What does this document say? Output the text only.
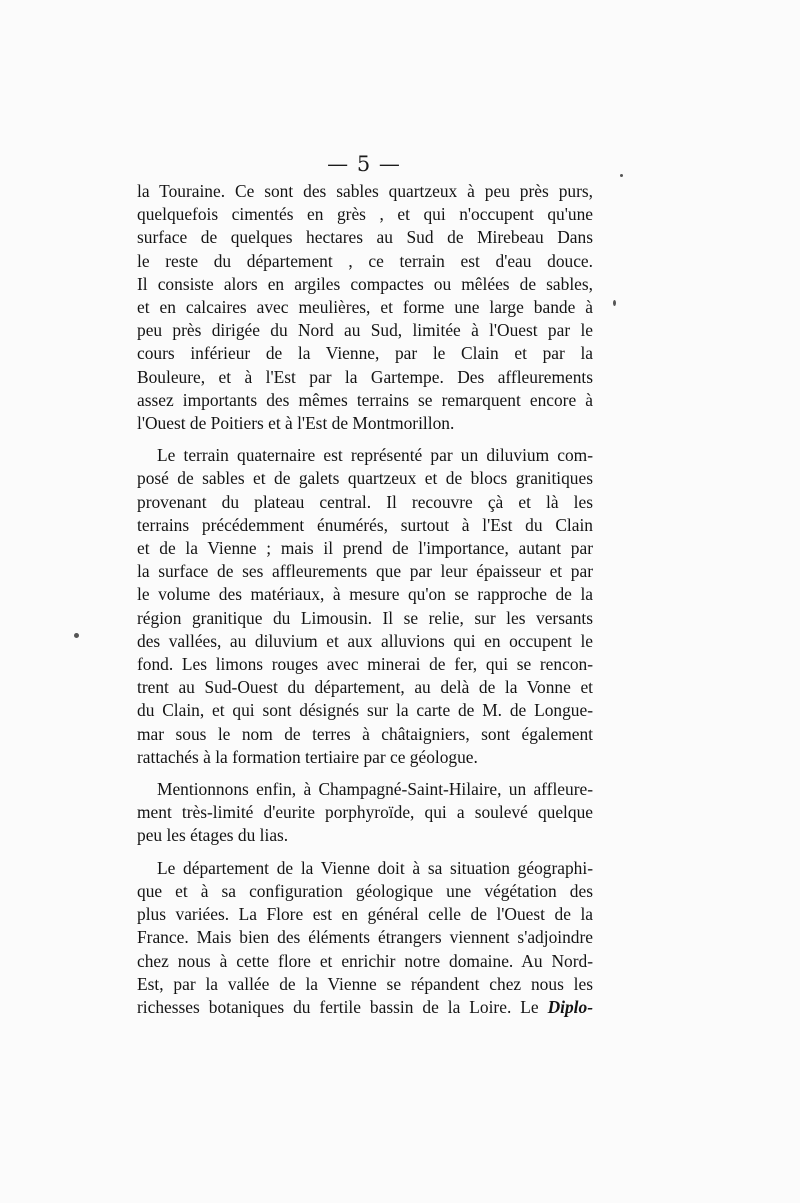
— 5 —

la Touraine. Ce sont des sables quartzeux à peu près purs,
quelquefois cimentés en grès , et qui n'occupent qu'une
surface de quelques hectares au Sud de Mirebeau Dans
le reste du département , ce terrain est d'eau douce.
Il consiste alors en argiles compactes ou mêlées de sables,
et en calcaires avec meulières, et forme une large bande à
peu près dirigée du Nord au Sud, limitée à l'Ouest par le
cours inférieur de la Vienne, par le Clain et par la
Bouleure, et à l'Est par la Gartempe. Des affleurements
assez importants des mêmes terrains se remarquent encore à
l'Ouest de Poitiers et à l'Est de Montmorillon.

Le terrain quaternaire est représenté par un diluvium com-
posé de sables et de galets quartzeux et de blocs granitiques
provenant du plateau central. Il recouvre çà et là les
terrains précédemment énumérés, surtout à l'Est du Clain
et de la Vienne ; mais il prend de l'importance, autant par
la surface de ses affleurements que par leur épaisseur et par
le volume des matériaux, à mesure qu'on se rapproche de la
région granitique du Limousin. Il se relie, sur les versants
des vallées, au diluvium et aux alluvions qui en occupent le
fond. Les limons rouges avec minerai de fer, qui se rencon-
trent au Sud-Ouest du département, au delà de la Vonne et
du Clain, et qui sont désignés sur la carte de M. de Longue-
mar sous le nom de terres à châtaigniers, sont également
rattachés à la formation tertiaire par ce géologue.

Mentionnons enfin, à Champagné-Saint-Hilaire, un affleure-
ment très-limité d'eurite porphyroïde, qui a soulevé quelque
peu les étages du lias.

Le département de la Vienne doit à sa situation géographi-
que et à sa configuration géologique une végétation des
plus variées. La Flore est en général celle de l'Ouest de la
France. Mais bien des éléments étrangers viennent s'adjoindre
chez nous à cette flore et enrichir notre domaine. Au Nord-
Est, par la vallée de la Vienne se répandent chez nous les
richesses botaniques du fertile bassin de la Loire. Le Diplo-
